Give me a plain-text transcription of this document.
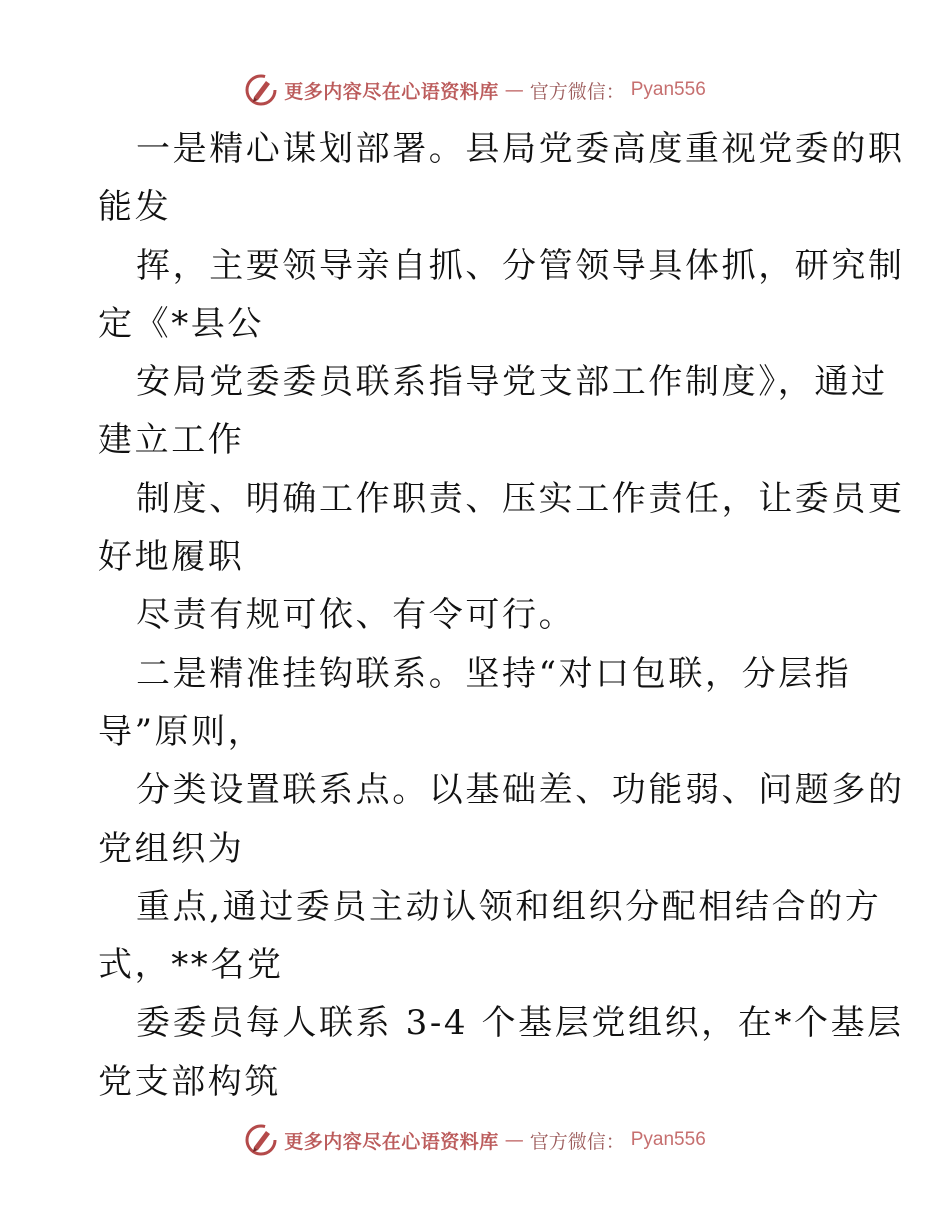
更多内容尽在心语资料库 — 官方微信： Pyan556
一是精心谋划部署。县局党委高度重视党委的职
能发
挥，主要领导亲自抓、分管领导具体抓，研究制
定《*县公
安局党委委员联系指导党支部工作制度》，通过
建立工作
制度、明确工作职责、压实工作责任，让委员更
好地履职
尽责有规可依、有令可行。
二是精准挂钩联系。坚持“对口包联，分层指
导”原则，
分类设置联系点。以基础差、功能弱、问题多的
党组织为
重点,通过委员主动认领和组织分配相结合的方
式，**名党
委委员每人联系 3-4 个基层党组织，在*个基层
党支部构筑
更多内容尽在心语资料库 — 官方微信： Pyan556
